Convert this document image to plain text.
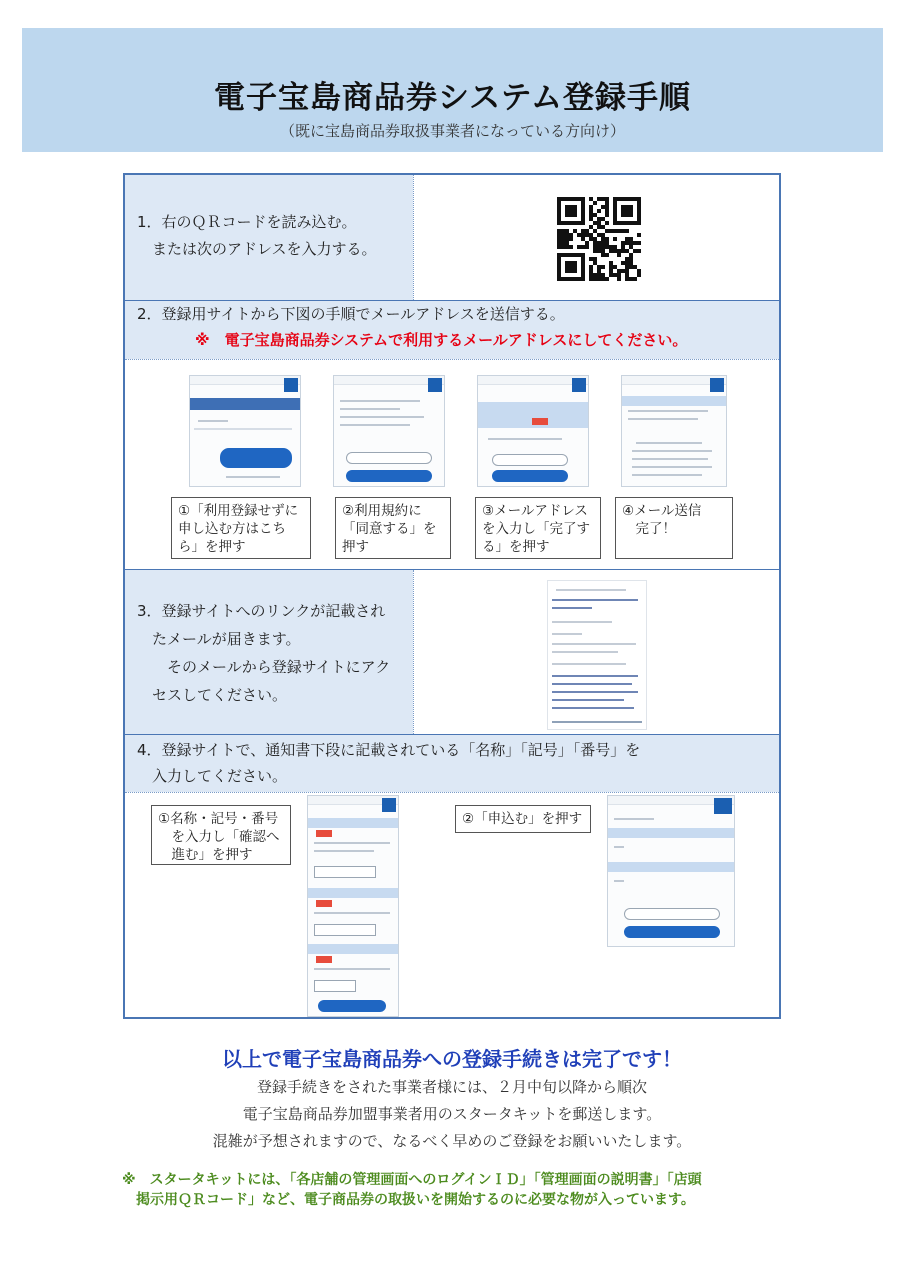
電子宝島商品券システム登録手順
（既に宝島商品券取扱事業者になっている方向け）
1．右のＱＲコードを読み込む。
　または次のアドレスを入力する。
2．登録用サイトから下図の手順でメールアドレスを送信する。
※　電子宝島商品券システムで利用するメールアドレスにしてください。
①「利用登録せずに
申し込む方はこち
ら」を押す
②利用規約に
「同意する」を
押す
③メールアドレス
を入力し「完了す
る」を押す
④メール送信
　完了！
3．登録サイトへのリンクが記載され
　たメールが届きます。
　　そのメールから登録サイトにアク
　セスしてください。
4．登録サイトで、通知書下段に記載されている「名称」「記号」「番号」を
　入力してください。
①名称・記号・番号
　を入力し「確認へ
　進む」を押す
②「申込む」を押す
以上で電子宝島商品券への登録手続きは完了です！
登録手続きをされた事業者様には、２月中旬以降から順次
電子宝島商品券加盟事業者用のスタータキットを郵送します。
混雑が予想されますので、なるべく早めのご登録をお願いいたします。
※　スタータキットには、「各店舗の管理画面へのログインＩＤ」「管理画面の説明書」「店頭
　掲示用ＱＲコード」など、電子商品券の取扱いを開始するのに必要な物が入っています。
